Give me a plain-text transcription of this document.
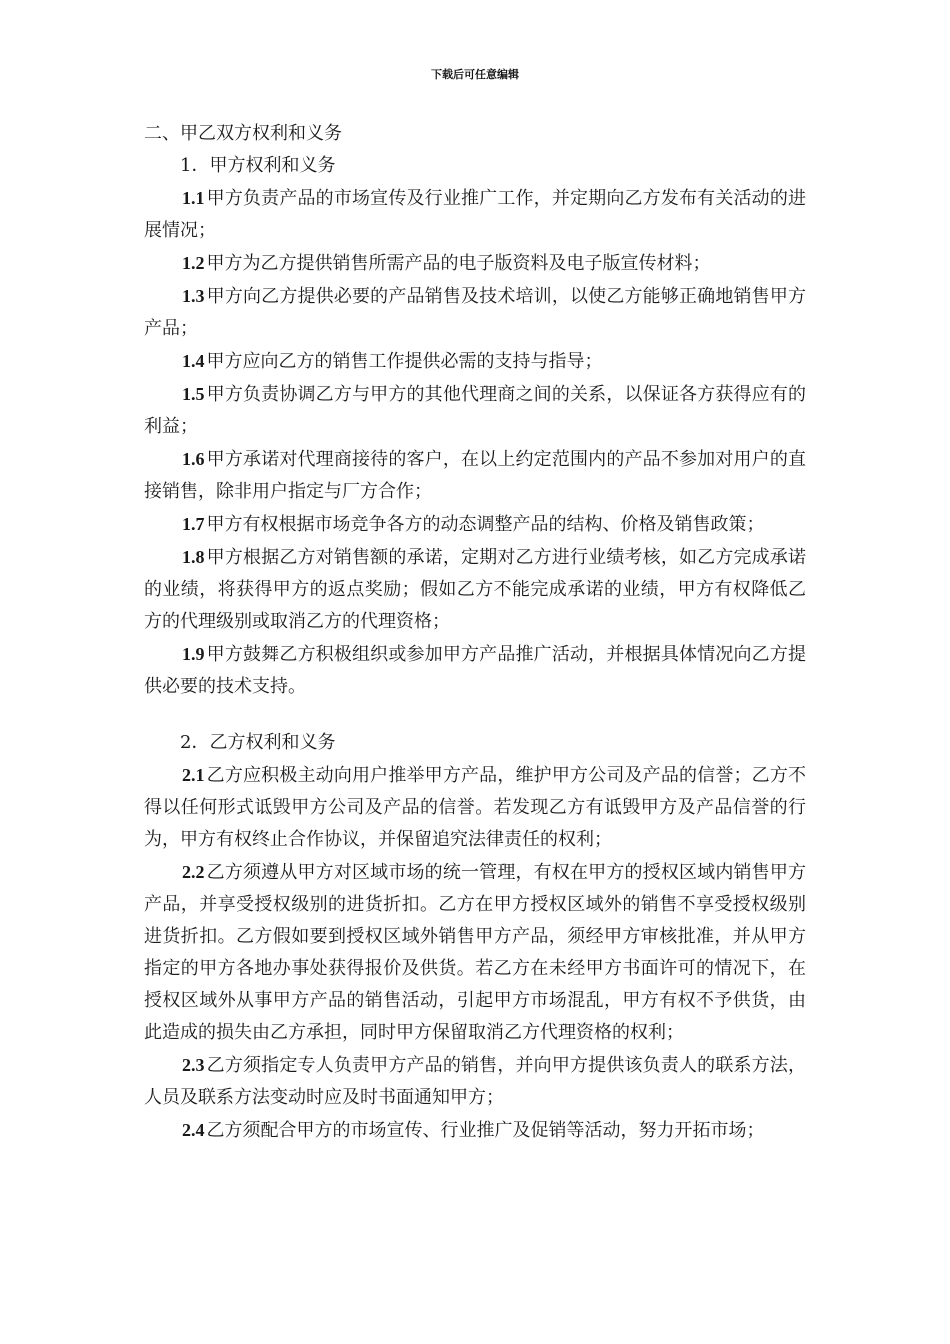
下载后可任意编辑

二、甲乙双方权利和义务

1．甲方权利和义务

1.1 甲方负责产品的市场宣传及行业推广工作，并定期向乙方发布有关活动的进展情况；

1.2 甲方为乙方提供销售所需产品的电子版资料及电子版宣传材料；

1.3 甲方向乙方提供必要的产品销售及技术培训，以使乙方能够正确地销售甲方产品；

1.4 甲方应向乙方的销售工作提供必需的支持与指导；

1.5 甲方负责协调乙方与甲方的其他代理商之间的关系，以保证各方获得应有的利益；

1.6 甲方承诺对代理商接待的客户，在以上约定范围内的产品不参加对用户的直接销售，除非用户指定与厂方合作；

1.7 甲方有权根据市场竞争各方的动态调整产品的结构、价格及销售政策；

1.8 甲方根据乙方对销售额的承诺，定期对乙方进行业绩考核，如乙方完成承诺的业绩，将获得甲方的返点奖励；假如乙方不能完成承诺的业绩，甲方有权降低乙方的代理级别或取消乙方的代理资格；

1.9 甲方鼓舞乙方积极组织或参加甲方产品推广活动，并根据具体情况向乙方提供必要的技术支持。

2．乙方权利和义务

2.1 乙方应积极主动向用户推举甲方产品，维护甲方公司及产品的信誉；乙方不得以任何形式诋毁甲方公司及产品的信誉。若发现乙方有诋毁甲方及产品信誉的行为，甲方有权终止合作协议，并保留追究法律责任的权利；

2.2 乙方须遵从甲方对区域市场的统一管理，有权在甲方的授权区域内销售甲方产品，并享受授权级别的进货折扣。乙方在甲方授权区域外的销售不享受授权级别进货折扣。乙方假如要到授权区域外销售甲方产品，须经甲方审核批准，并从甲方指定的甲方各地办事处获得报价及供货。若乙方在未经甲方书面许可的情况下，在授权区域外从事甲方产品的销售活动，引起甲方市场混乱，甲方有权不予供货，由此造成的损失由乙方承担，同时甲方保留取消乙方代理资格的权利；

2.3 乙方须指定专人负责甲方产品的销售，并向甲方提供该负责人的联系方法，人员及联系方法变动时应及时书面通知甲方；

2.4 乙方须配合甲方的市场宣传、行业推广及促销等活动，努力开拓市场；
